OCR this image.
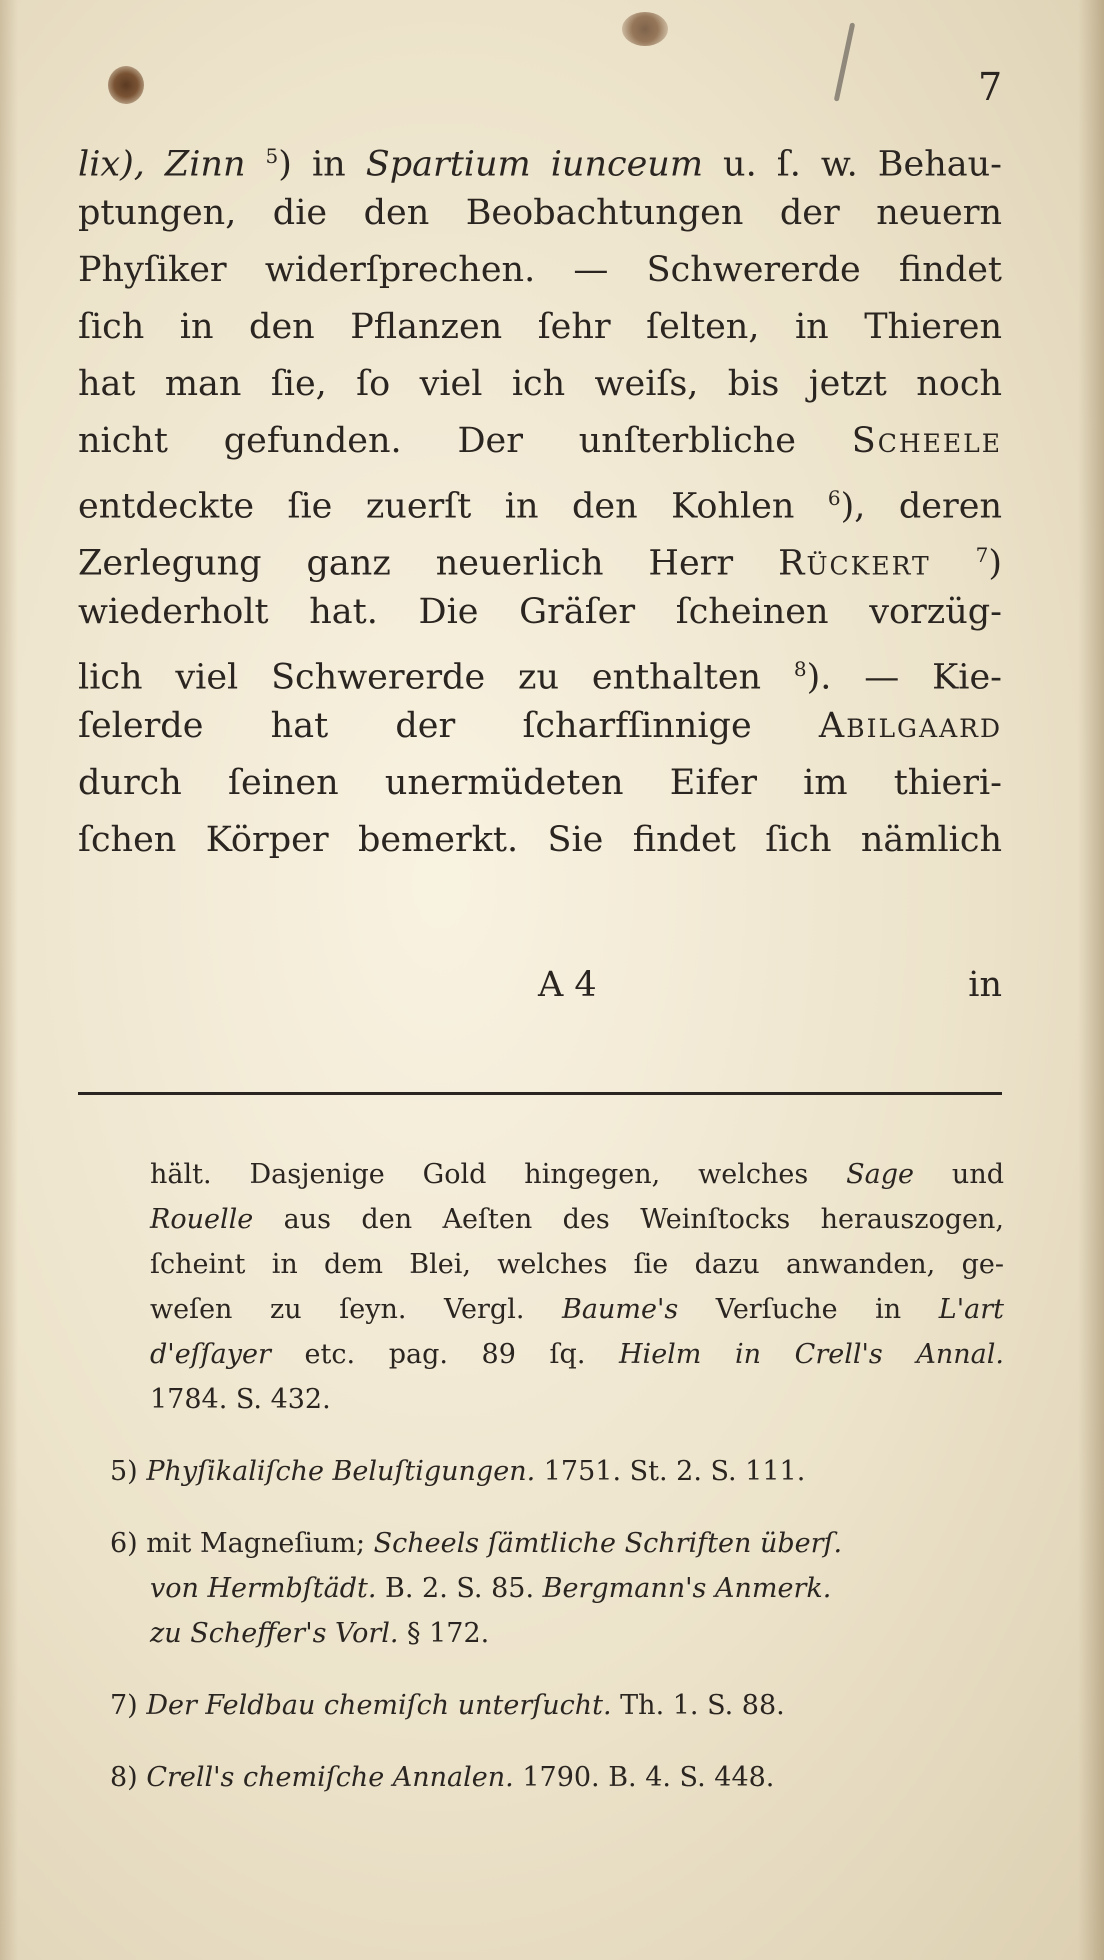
7
lix), Zinn $^5$) in Spartium iunceum u. ſ. w. Behau-
ptungen, die den Beobachtungen der neuern
Phyſiker widerſprechen. — Schwererde findet
ſich in den Pflanzen ſehr ſelten, in Thieren
hat man ſie, ſo viel ich weiſs, bis jetzt noch
nicht gefunden. Der unſterbliche Scheele
entdeckte ſie zuerſt in den Kohlen $^6$), deren
Zerlegung ganz neuerlich Herr Rückert $^7$)
wiederholt hat. Die Gräſer ſcheinen vorzüg-
lich viel Schwererde zu enthalten $^8$). — Kie-
ſelerde hat der ſcharfſinnige Abilgaard
durch ſeinen unermüdeten Eifer im thieri-
ſchen Körper bemerkt. Sie findet ſich nämlich
A 4	in
hält. Dasjenige Gold hingegen, welches Sage und
Rouelle aus den Aeſten des Weinſtocks herauszogen,
ſcheint in dem Blei, welches ſie dazu anwanden, ge-
weſen zu ſeyn. Vergl. Baume's Verſuche in L'art
d'eſſayer etc. pag. 89 ſq. Hielm in Crell's Annal.
1784. S. 432.
5) Phyſikaliſche Beluſtigungen. 1751. St. 2. S. 111.
6) mit Magneſium; Scheels ſämtliche Schriften überſ.
von Hermbſtädt. B. 2. S. 85. Bergmann's Anmerk.
zu Scheffer's Vorl. § 172.
7) Der Feldbau chemiſch unterſucht. Th. 1. S. 88.
8) Crell's chemiſche Annalen. 1790. B. 4. S. 448.
